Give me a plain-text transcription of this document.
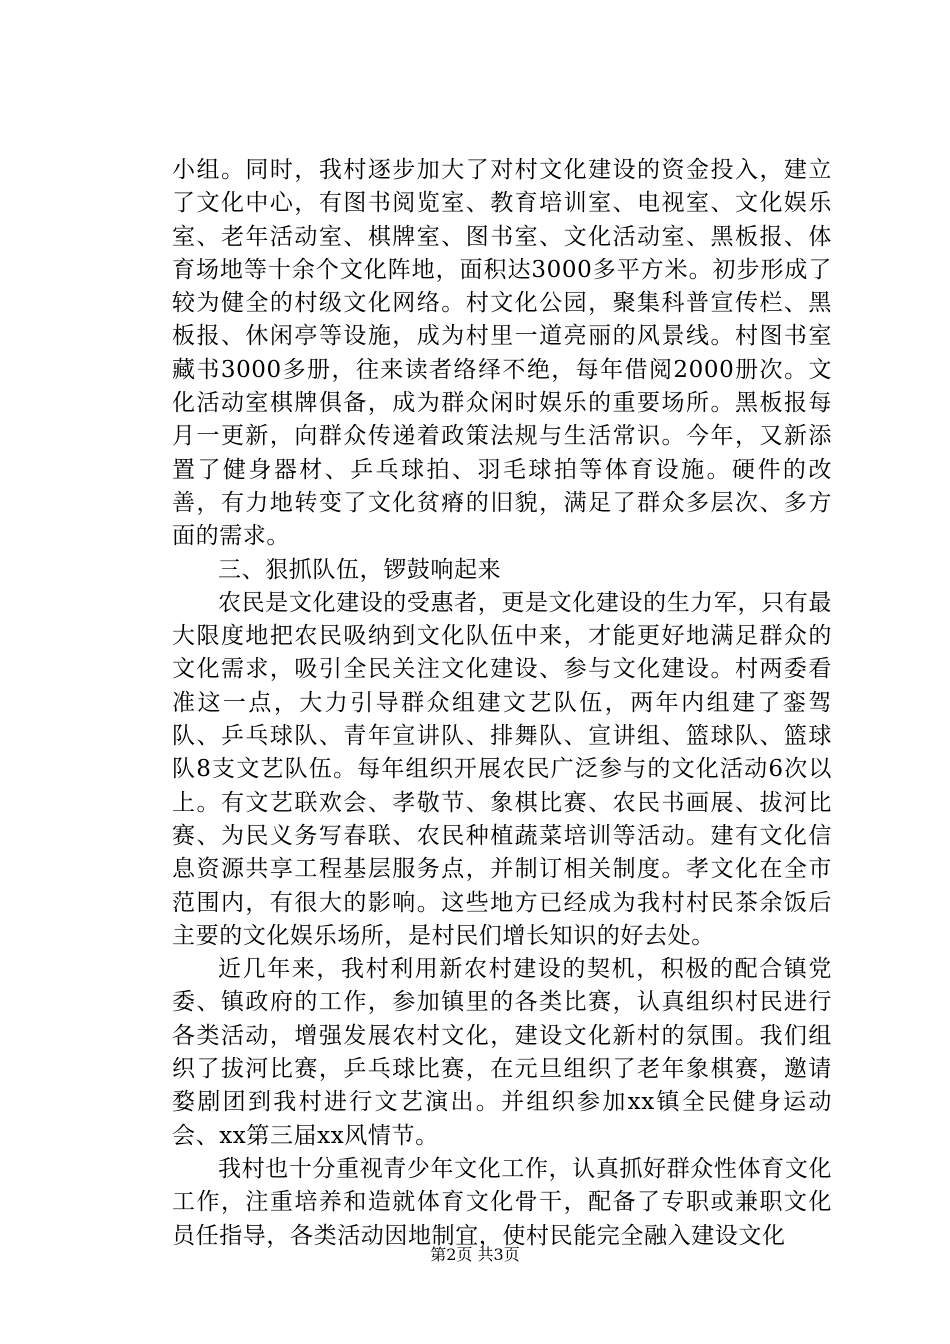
小组。同时，我村逐步加大了对村文化建设的资金投入，建立了文化中心，有图书阅览室、教育培训室、电视室、文化娱乐室、老年活动室、棋牌室、图书室、文化活动室、黑板报、体育场地等十余个文化阵地，面积达3000多平方米。初步形成了较为健全的村级文化网络。村文化公园，聚集科普宣传栏、黑板报、休闲亭等设施，成为村里一道亮丽的风景线。村图书室藏书3000多册，往来读者络绎不绝，每年借阅2000册次。文化活动室棋牌俱备，成为群众闲时娱乐的重要场所。黑板报每月一更新，向群众传递着政策法规与生活常识。今年，又新添置了健身器材、乒乓球拍、羽毛球拍等体育设施。硬件的改善，有力地转变了文化贫瘠的旧貌，满足了群众多层次、多方面的需求。

三、狠抓队伍，锣鼓响起来

农民是文化建设的受惠者，更是文化建设的生力军，只有最大限度地把农民吸纳到文化队伍中来，才能更好地满足群众的文化需求，吸引全民关注文化建设、参与文化建设。村两委看准这一点，大力引导群众组建文艺队伍，两年内组建了銮驾队、乒乓球队、青年宣讲队、排舞队、宣讲组、篮球队、篮球队8支文艺队伍。每年组织开展农民广泛参与的文化活动6次以上。有文艺联欢会、孝敬节、象棋比赛、农民书画展、拔河比赛、为民义务写春联、农民种植蔬菜培训等活动。建有文化信息资源共享工程基层服务点，并制订相关制度。孝文化在全市范围内，有很大的影响。这些地方已经成为我村村民茶余饭后主要的文化娱乐场所，是村民们增长知识的好去处。

近几年来，我村利用新农村建设的契机，积极的配合镇党委、镇政府的工作，参加镇里的各类比赛，认真组织村民进行各类活动，增强发展农村文化，建设文化新村的氛围。我们组织了拔河比赛，乒乓球比赛，在元旦组织了老年象棋赛，邀请婺剧团到我村进行文艺演出。并组织参加xx镇全民健身运动会、xx第三届xx风情节。

我村也十分重视青少年文化工作，认真抓好群众性体育文化工作，注重培养和造就体育文化骨干，配备了专职或兼职文化员任指导，各类活动因地制宜，使村民能完全融入建设文化

第2页 共3页
